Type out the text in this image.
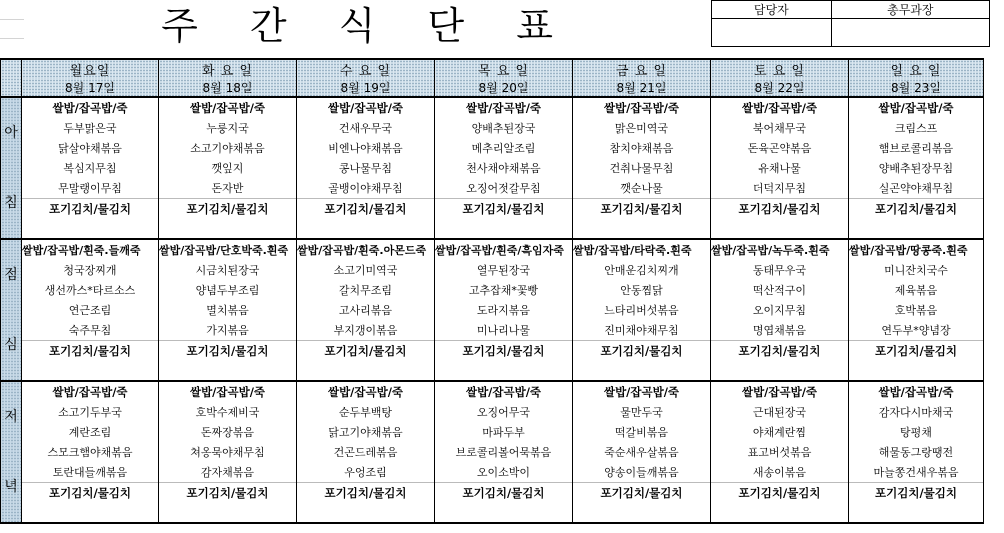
주 간 식 단 표	담당자	총무과장

	월요일	화 요 일	수 요 일	목 요 일	금 요 일	토 요 일	일 요 일
	8월 17일	8월 18일	8월 19일	8월 20일	8월 21일	8월 22일	8월 23일

아
침	쌀밥/잡곡밥/죽	쌀밥/잡곡밥/죽	쌀밥/잡곡밥/죽	쌀밥/잡곡밥/죽	쌀밥/잡곡밥/죽	쌀밥/잡곡밥/죽	쌀밥/잡곡밥/죽
	두부맑은국	누룽지국	건새우무국	양배추된장국	맑은미역국	북어채무국	크림스프
	닭살야채볶음	소고기야채볶음	비엔나야채볶음	메추리알조림	참치야채볶음	돈육곤약볶음	햄브로콜리볶음
	복심지무침	깻잎지	콩나물무침	천사채야채볶음	건취나물무침	유채나물	양배추된장무침
	무말랭이무침	돈자반	골뱅이야채무침	오징어젓갈무침	깻순나물	더덕지무침	실곤약야채무침
	포기김치/물김치	포기김치/물김치	포기김치/물김치	포기김치/물김치	포기김치/물김치	포기김치/물김치	포기김치/물김치

점
심	쌀밥/잡곡밥/흰죽.들깨죽	쌀밥/잡곡밥/단호박죽.흰죽	쌀밥/잡곡밥/흰죽.아몬드죽	쌀밥/잡곡밥/흰죽/흑임자죽	쌀밥/잡곡밥/타락죽.흰죽	쌀밥/잡곡밥/녹두죽.흰죽	쌀밥/잡곡밥/땅콩죽.흰죽
	청국장찌개	시금치된장국	소고기미역국	열무된장국	안매운김치찌개	동태무우국	미니잔치국수
	생선까스*타르소스	양념두부조림	갈치무조림	고추잡채*꽃빵	안동찜닭	떡산적구이	제육볶음
	연근조림	멸치볶음	고사리볶음	도라지볶음	느타리버섯볶음	오이지무침	호박볶음
	숙주무침	가지볶음	부지갱이볶음	미나리나물	진미채야채무침	명엽채볶음	연두부*양념장
	포기김치/물김치	포기김치/물김치	포기김치/물김치	포기김치/물김치	포기김치/물김치	포기김치/물김치	포기김치/물김치

저
녁	쌀밥/잡곡밥/죽	쌀밥/잡곡밥/죽	쌀밥/잡곡밥/죽	쌀밥/잡곡밥/죽	쌀밥/잡곡밥/죽	쌀밥/잡곡밥/죽	쌀밥/잡곡밥/죽
	소고기두부국	호박수제비국	순두부백탕	오징어무국	물만두국	근대된장국	감자다시마채국
	계란조림	돈짜장볶음	닭고기야채볶음	마파두부	떡갈비볶음	야채계란찜	탕평채
	스모크햄야채볶음	쳐옹묵야채무침	건곤드레볶음	브로콜리볼어묵볶음	죽순새우살볶음	표고버섯볶음	해물동그랑땡전
	토란대들깨볶음	감자채볶음	우엉조림	오이소박이	양송이들깨볶음	새송이볶음	마늘쫑건새우볶음
	포기김치/물김치	포기김치/물김치	포기김치/물김치	포기김치/물김치	포기김치/물김치	포기김치/물김치	포기김치/물김치
